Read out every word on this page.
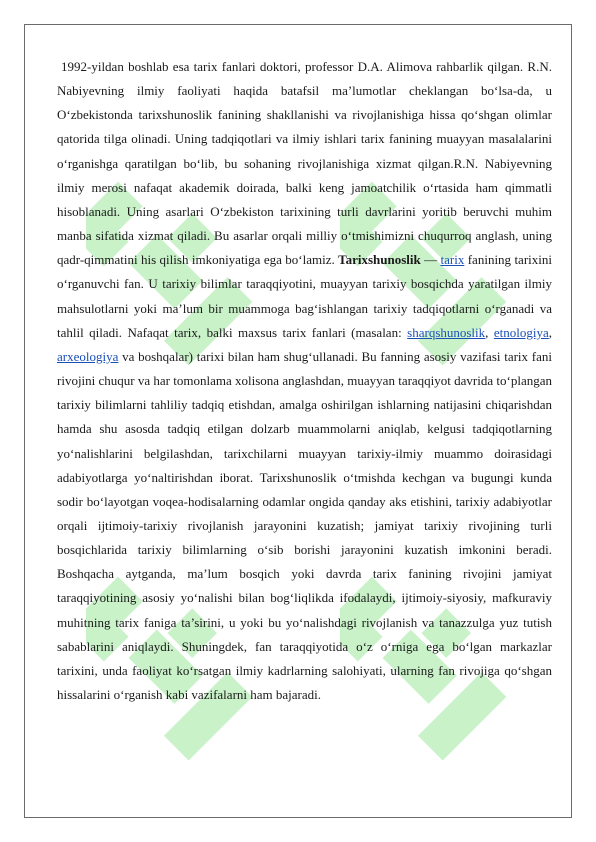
1992-yildan boshlab esa tarix fanlari doktori, professor D.A. Alimova rahbarlik qilgan. R.N. Nabiyevning ilmiy faoliyati haqida batafsil ma’lumotlar cheklangan bo‘lsa-da, u O‘zbekistonda tarixshunoslik fanining shakllanishi va rivojlanishiga hissa qo‘shgan olimlar qatorida tilga olinadi. Uning tadqiqotlari va ilmiy ishlari tarix fanining muayyan masalalarini o‘rganishga qaratilgan bo‘lib, bu sohaning rivojlanishiga xizmat qilgan.R.N. Nabiyevning ilmiy merosi nafaqat akademik doirada, balki keng jamoatchilik o‘rtasida ham qimmatli hisoblanadi. Uning asarlari O‘zbekiston tarixining turli davrlarini yoritib beruvchi muhim manba sifatida xizmat qiladi. Bu asarlar orqali milliy o‘tmishimizni chuqurroq anglash, uning qadr-qimmatini his qilish imkoniyatiga ega bo‘lamiz. Tarixshunoslik — tarix fanining tarixini o‘rganuvchi fan. U tarixiy bilimlar taraqqiyotini, muayyan tarixiy bosqichda yaratilgan ilmiy mahsulotlarni yoki ma’lum bir muammoga bag‘ishlangan tarixiy tadqiqotlarni o‘rganadi va tahlil qiladi. Nafaqat tarix, balki maxsus tarix fanlari (masalan: sharqshunoslik, etnologiya, arxeologiya va boshqalar) tarixi bilan ham shug‘ullanadi. Bu fanning asosiy vazifasi tarix fani rivojini chuqur va har tomonlama xolisona anglashdan, muayyan taraqqiyot davrida to‘plangan tarixiy bilimlarni tahliliy tadqiq etishdan, amalga oshirilgan ishlarning natijasini chiqarishdan hamda shu asosda tadqiq etilgan dolzarb muammolarni aniqlab, kelgusi tadqiqotlarning yo‘nalishlarini belgilashdan, tarixchilarni muayyan tarixiy-ilmiy muammo doirasidagi adabiyotlarga yo‘naltirishdan iborat. Tarixshunoslik o‘tmishda kechgan va bugungi kunda sodir bo‘layotgan voqea-hodisalarning odamlar ongida qanday aks etishini, tarixiy adabiyotlar orqali ijtimoiy-tarixiy rivojlanish jarayonini kuzatish; jamiyat tarixiy rivojining turli bosqichlarida tarixiy bilimlarning o‘sib borishi jarayonini kuzatish imkonini beradi. Boshqacha aytganda, ma’lum bosqich yoki davrda tarix fanining rivojini jamiyat taraqqiyotining asosiy yo‘nalishi bilan bog‘liqlikda ifodalaydi, ijtimoiy-siyosiy, mafkuraviy muhitning tarix faniga ta’sirini, u yoki bu yo‘nalishdagi rivojlanish va tanazzulga yuz tutish sabablarini aniqlaydi. Shuningdek, fan taraqqiyotida o‘z o‘rniga ega bo‘lgan markazlar tarixini, unda faoliyat ko‘rsatgan ilmiy kadrlarning salohiyati, ularning fan rivojiga qo‘shgan hissalarini o‘rganish kabi vazifalarni ham bajaradi.
